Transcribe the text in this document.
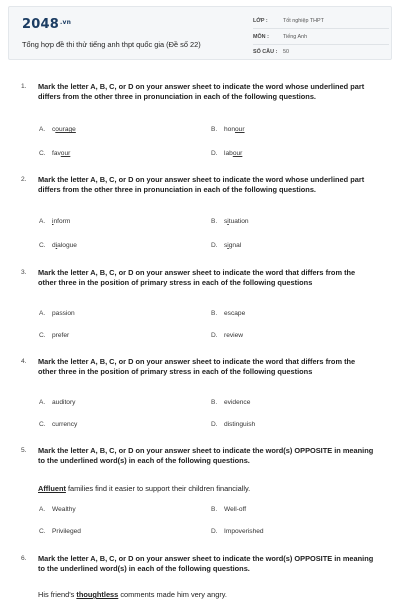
$2048^{.vn}$
Tổng hợp đề thi thử tiếng anh thpt quốc gia (Đề số 22)
LỚP :	Tốt nghiệp THPT
MÔN :	Tiếng Anh
SỐ CÂU : 50
1. Mark the letter A, B, C, or D on your answer sheet to indicate the word whose underlined part differs from the other three in pronunciation in each of the following questions.
A. courage	B. honour
C. favour	D. labour
2. Mark the letter A, B, C, or D on your answer sheet to indicate the word whose underlined part differs from the other three in pronunciation in each of the following questions.
A. inform	B. situation
C. dialogue	D. signal
3. Mark the letter A, B, C, or D on your answer sheet to indicate the word that differs from the other three in the position of primary stress in each of the following questions
A. passion	B. escape
C. prefer	D. review
4. Mark the letter A, B, C, or D on your answer sheet to indicate the word that differs from the other three in the position of primary stress in each of the following questions
A. auditory	B. evidence
C. currency	D. distinguish
5. Mark the letter A, B, C, or D on your answer sheet to indicate the word(s) OPPOSITE in meaning to the underlined word(s) in each of the following questions.
Affluent families find it easier to support their children financially.
A. Wealthy	B. Well-off
C. Privileged	D. Impoverished
6. Mark the letter A, B, C, or D on your answer sheet to indicate the word(s) OPPOSITE in meaning to the underlined word(s) in each of the following questions.
His friend's thoughtless comments made him very angry.
